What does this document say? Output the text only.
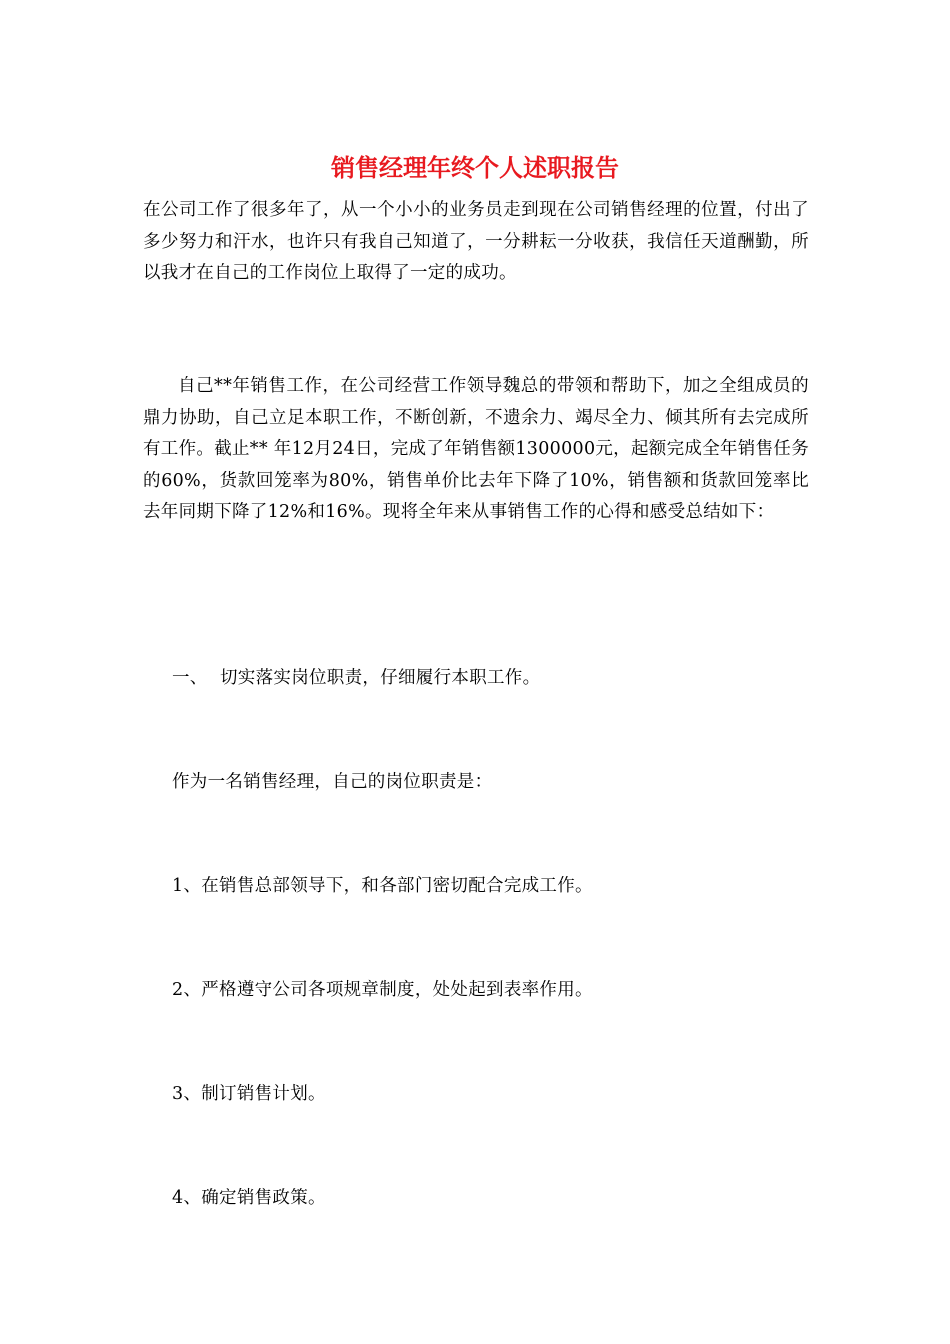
销售经理年终个人述职报告

在公司工作了很多年了，从一个小小的业务员走到现在公司销售经理的位置，付出了多少努力和汗水，也许只有我自己知道了，一分耕耘一分收获，我信任天道酬勤，所以我才在自己的工作岗位上取得了一定的成功。

自己**年销售工作，在公司经营工作领导魏总的带领和帮助下，加之全组成员的鼎力协助，自己立足本职工作，不断创新，不遗余力、竭尽全力、倾其所有去完成所有工作。截止** 年12月24日，完成了年销售额1300000元，起额完成全年销售任务的60%，货款回笼率为80%，销售单价比去年下降了10%，销售额和货款回笼率比去年同期下降了12%和16%。现将全年来从事销售工作的心得和感受总结如下：

一、 切实落实岗位职责，仔细履行本职工作。

作为一名销售经理，自己的岗位职责是：

1、在销售总部领导下，和各部门密切配合完成工作。

2、严格遵守公司各项规章制度，处处起到表率作用。

3、制订销售计划。

4、确定销售政策。
